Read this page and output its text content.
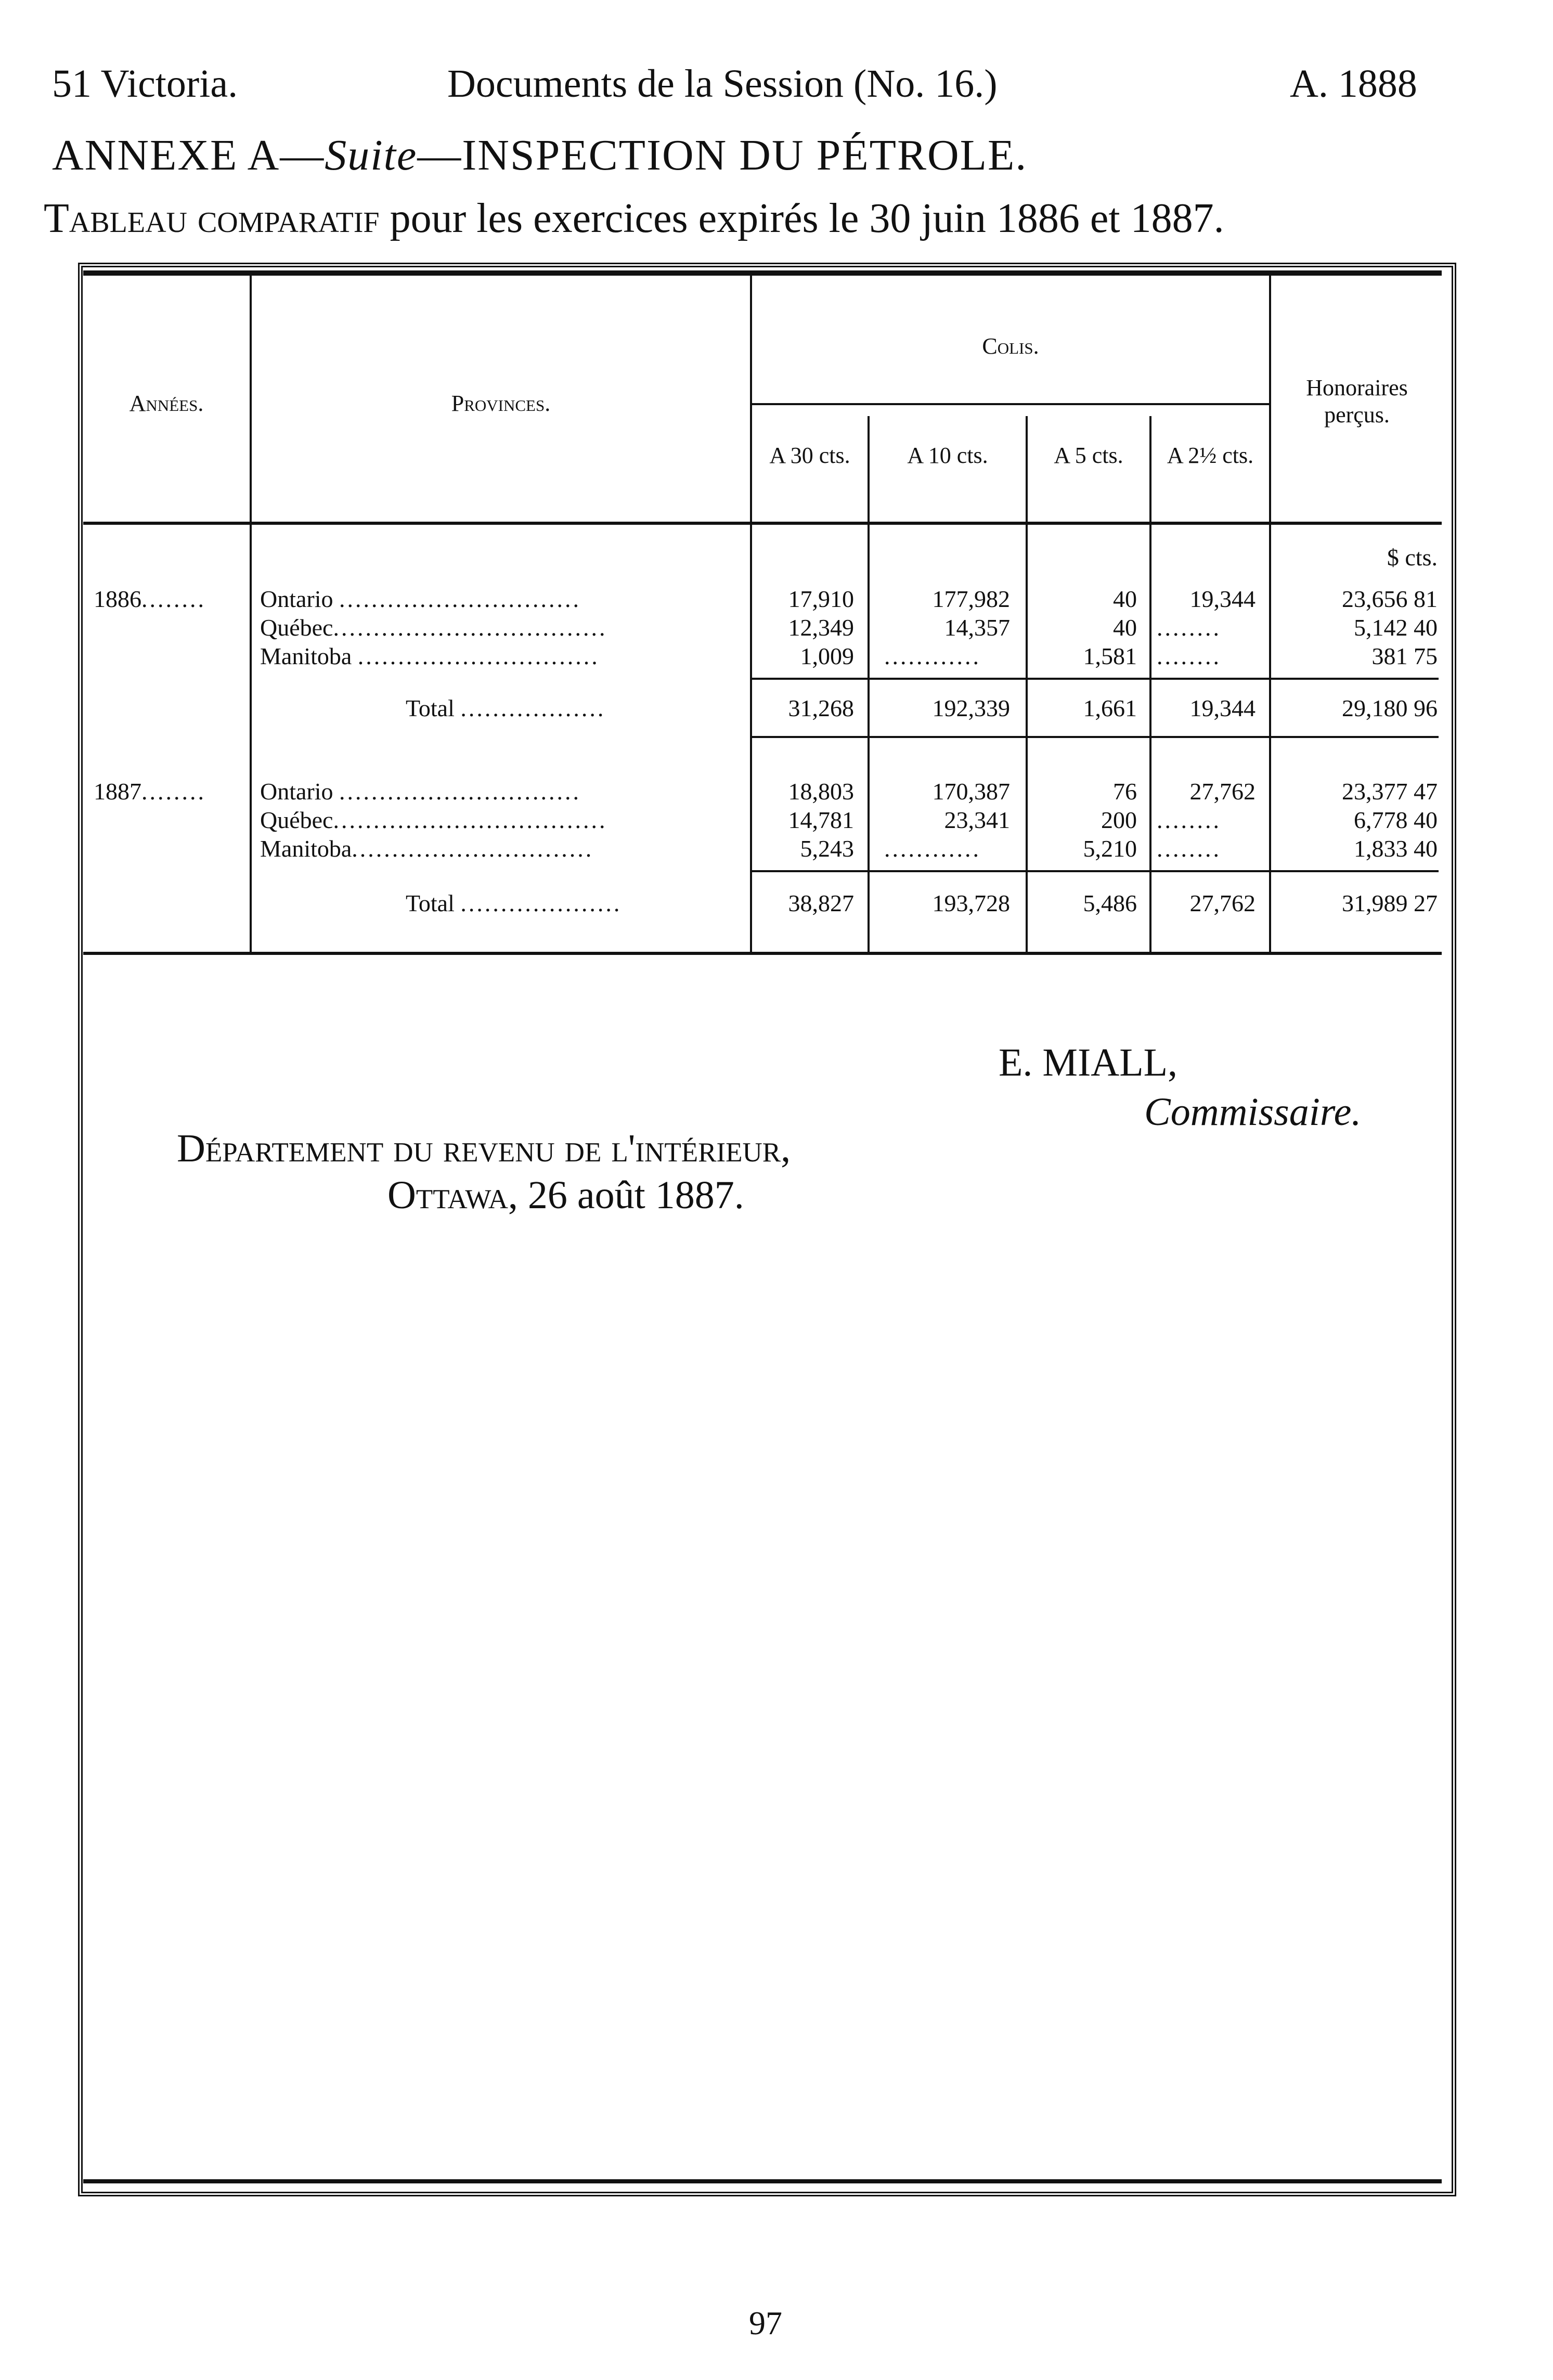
51 Victoria.	Documents de la Session (No. 16.)	A. 1888
ANNEXE A—Suite—INSPECTION DU PÉTROLE.
Tableau comparatif pour les exercices expirés le 30 juin 1886 et 1887.
Années.	Provinces.
Colis.
Honoraires perçus.
A 30 cts.	A 10 cts.	A 5 cts.	A 2½ cts.
$ cts.
1886........ Ontario ..............................	17,910	177,982	40	19,344	23,656 81
Québec..................................	12,349	14,357	40 ........	5,142 40
Manitoba ..............................	1,009 ............	1,581 ........	381 75
Total ..................	31,268	192,339	1,661	19,344	29,180 96
1887........ Ontario ..............................	18,803	170,387	76	27,762	23,377 47
Québec..................................	14,781	23,341	200 ........	6,778 40
Manitoba..............................	5,243 ............	5,210 ........	1,833 40
Total ....................	38,827	193,728	5,486	27,762	31,989 27
E. MIALL,
Commissaire.
Département du revenu de l'intérieur,
Ottawa, 26 août 1887.
97
